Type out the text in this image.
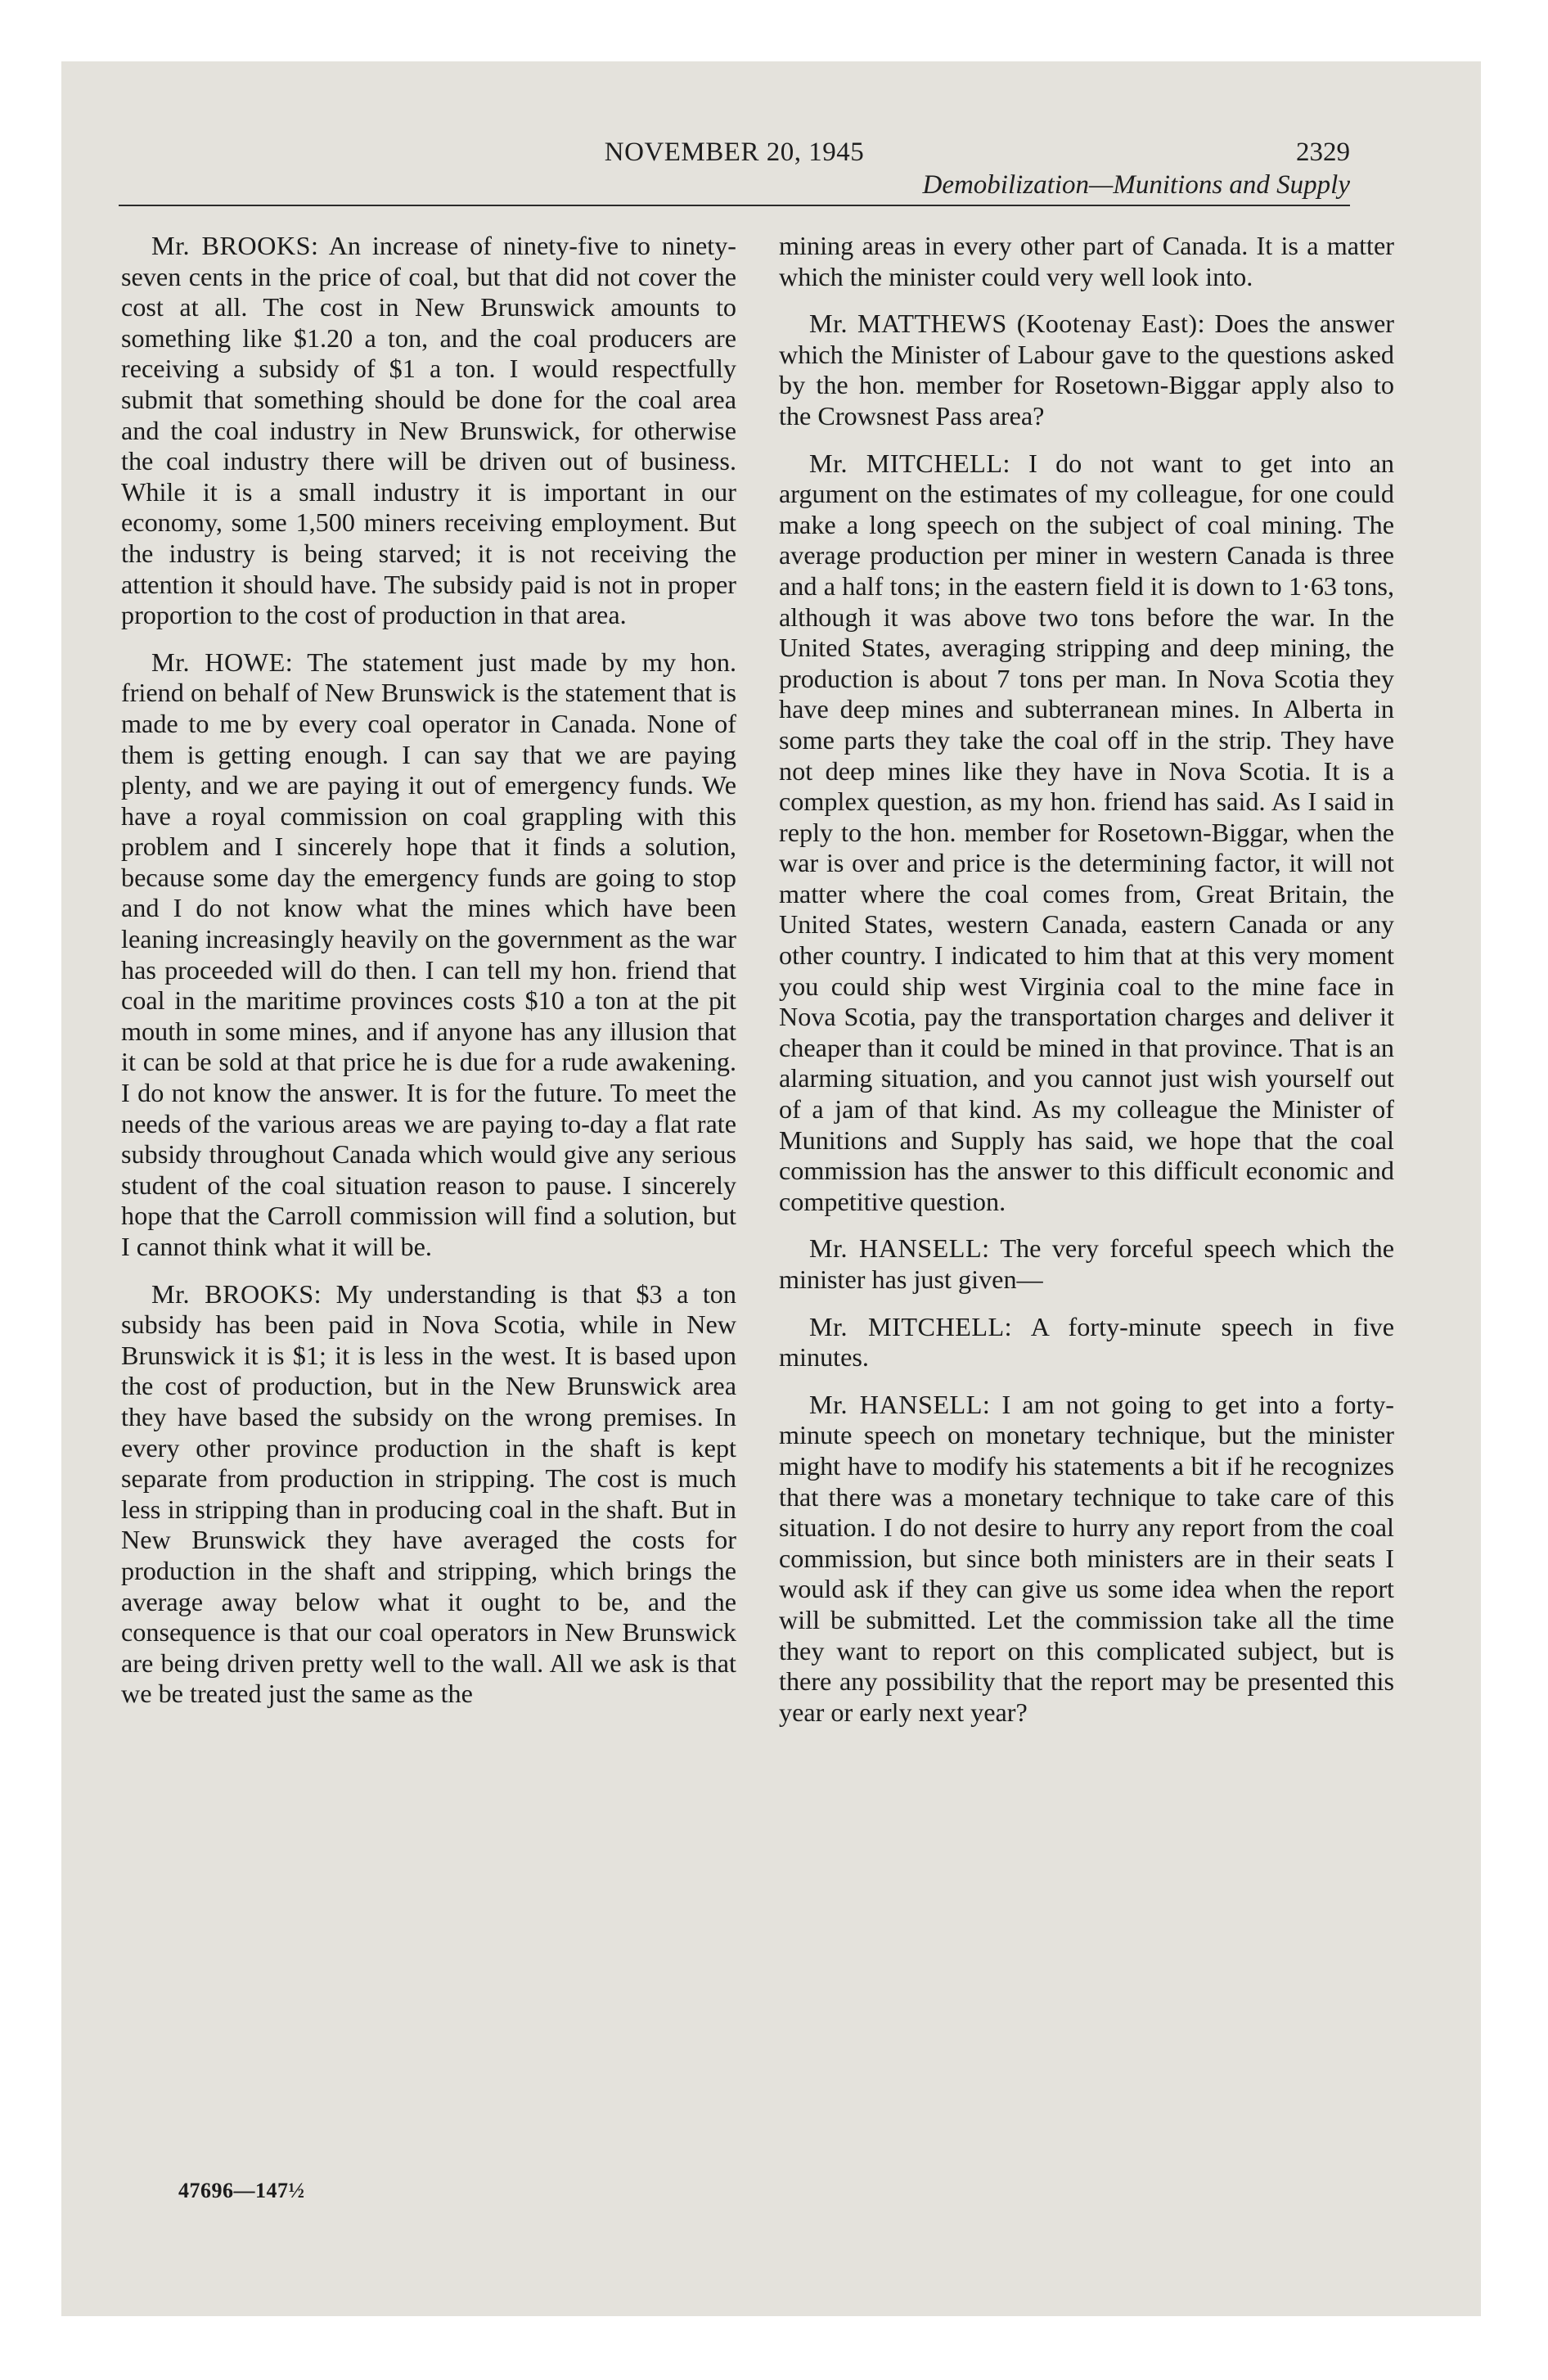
NOVEMBER 20, 1945	2329
Demobilization—Munitions and Supply

Mr. BROOKS: An increase of ninety-five to ninety-seven cents in the price of coal, but that did not cover the cost at all. The cost in New Brunswick amounts to something like $1.20 a ton, and the coal producers are receiving a subsidy of $1 a ton. I would respectfully submit that something should be done for the coal area and the coal industry in New Brunswick, for otherwise the coal industry there will be driven out of business. While it is a small industry it is important in our economy, some 1,500 miners receiving employment. But the industry is being starved; it is not receiving the attention it should have. The subsidy paid is not in proper proportion to the cost of production in that area.

Mr. HOWE: The statement just made by my hon. friend on behalf of New Brunswick is the statement that is made to me by every coal operator in Canada. None of them is getting enough. I can say that we are paying plenty, and we are paying it out of emergency funds. We have a royal commission on coal grappling with this problem and I sincerely hope that it finds a solution, because some day the emergency funds are going to stop and I do not know what the mines which have been leaning increasingly heavily on the government as the war has proceeded will do then. I can tell my hon. friend that coal in the maritime provinces costs $10 a ton at the pit mouth in some mines, and if anyone has any illusion that it can be sold at that price he is due for a rude awakening. I do not know the answer. It is for the future. To meet the needs of the various areas we are paying to-day a flat rate subsidy throughout Canada which would give any serious student of the coal situation reason to pause. I sincerely hope that the Carroll commission will find a solution, but I cannot think what it will be.

Mr. BROOKS: My understanding is that $3 a ton subsidy has been paid in Nova Scotia, while in New Brunswick it is $1; it is less in the west. It is based upon the cost of production, but in the New Brunswick area they have based the subsidy on the wrong premises. In every other province production in the shaft is kept separate from production in stripping. The cost is much less in stripping than in producing coal in the shaft. But in New Brunswick they have averaged the costs for production in the shaft and stripping, which brings the average away below what it ought to be, and the consequence is that our coal operators in New Brunswick are being driven pretty well to the wall. All we ask is that we be treated just the same as the

47696—147½

mining areas in every other part of Canada. It is a matter which the minister could very well look into.

Mr. MATTHEWS (Kootenay East): Does the answer which the Minister of Labour gave to the questions asked by the hon. member for Rosetown-Biggar apply also to the Crowsnest Pass area?

Mr. MITCHELL: I do not want to get into an argument on the estimates of my colleague, for one could make a long speech on the subject of coal mining. The average production per miner in western Canada is three and a half tons; in the eastern field it is down to 1·63 tons, although it was above two tons before the war. In the United States, averaging stripping and deep mining, the production is about 7 tons per man. In Nova Scotia they have deep mines and subterranean mines. In Alberta in some parts they take the coal off in the strip. They have not deep mines like they have in Nova Scotia. It is a complex question, as my hon. friend has said. As I said in reply to the hon. member for Rosetown-Biggar, when the war is over and price is the determining factor, it will not matter where the coal comes from, Great Britain, the United States, western Canada, eastern Canada or any other country. I indicated to him that at this very moment you could ship west Virginia coal to the mine face in Nova Scotia, pay the transportation charges and deliver it cheaper than it could be mined in that province. That is an alarming situation, and you cannot just wish yourself out of a jam of that kind. As my colleague the Minister of Munitions and Supply has said, we hope that the coal commission has the answer to this difficult economic and competitive question.

Mr. HANSELL: The very forceful speech which the minister has just given—

Mr. MITCHELL: A forty-minute speech in five minutes.

Mr. HANSELL: I am not going to get into a forty-minute speech on monetary technique, but the minister might have to modify his statements a bit if he recognizes that there was a monetary technique to take care of this situation. I do not desire to hurry any report from the coal commission, but since both ministers are in their seats I would ask if they can give us some idea when the report will be submitted. Let the commission take all the time they want to report on this complicated subject, but is there any possibility that the report may be presented this year or early next year?
